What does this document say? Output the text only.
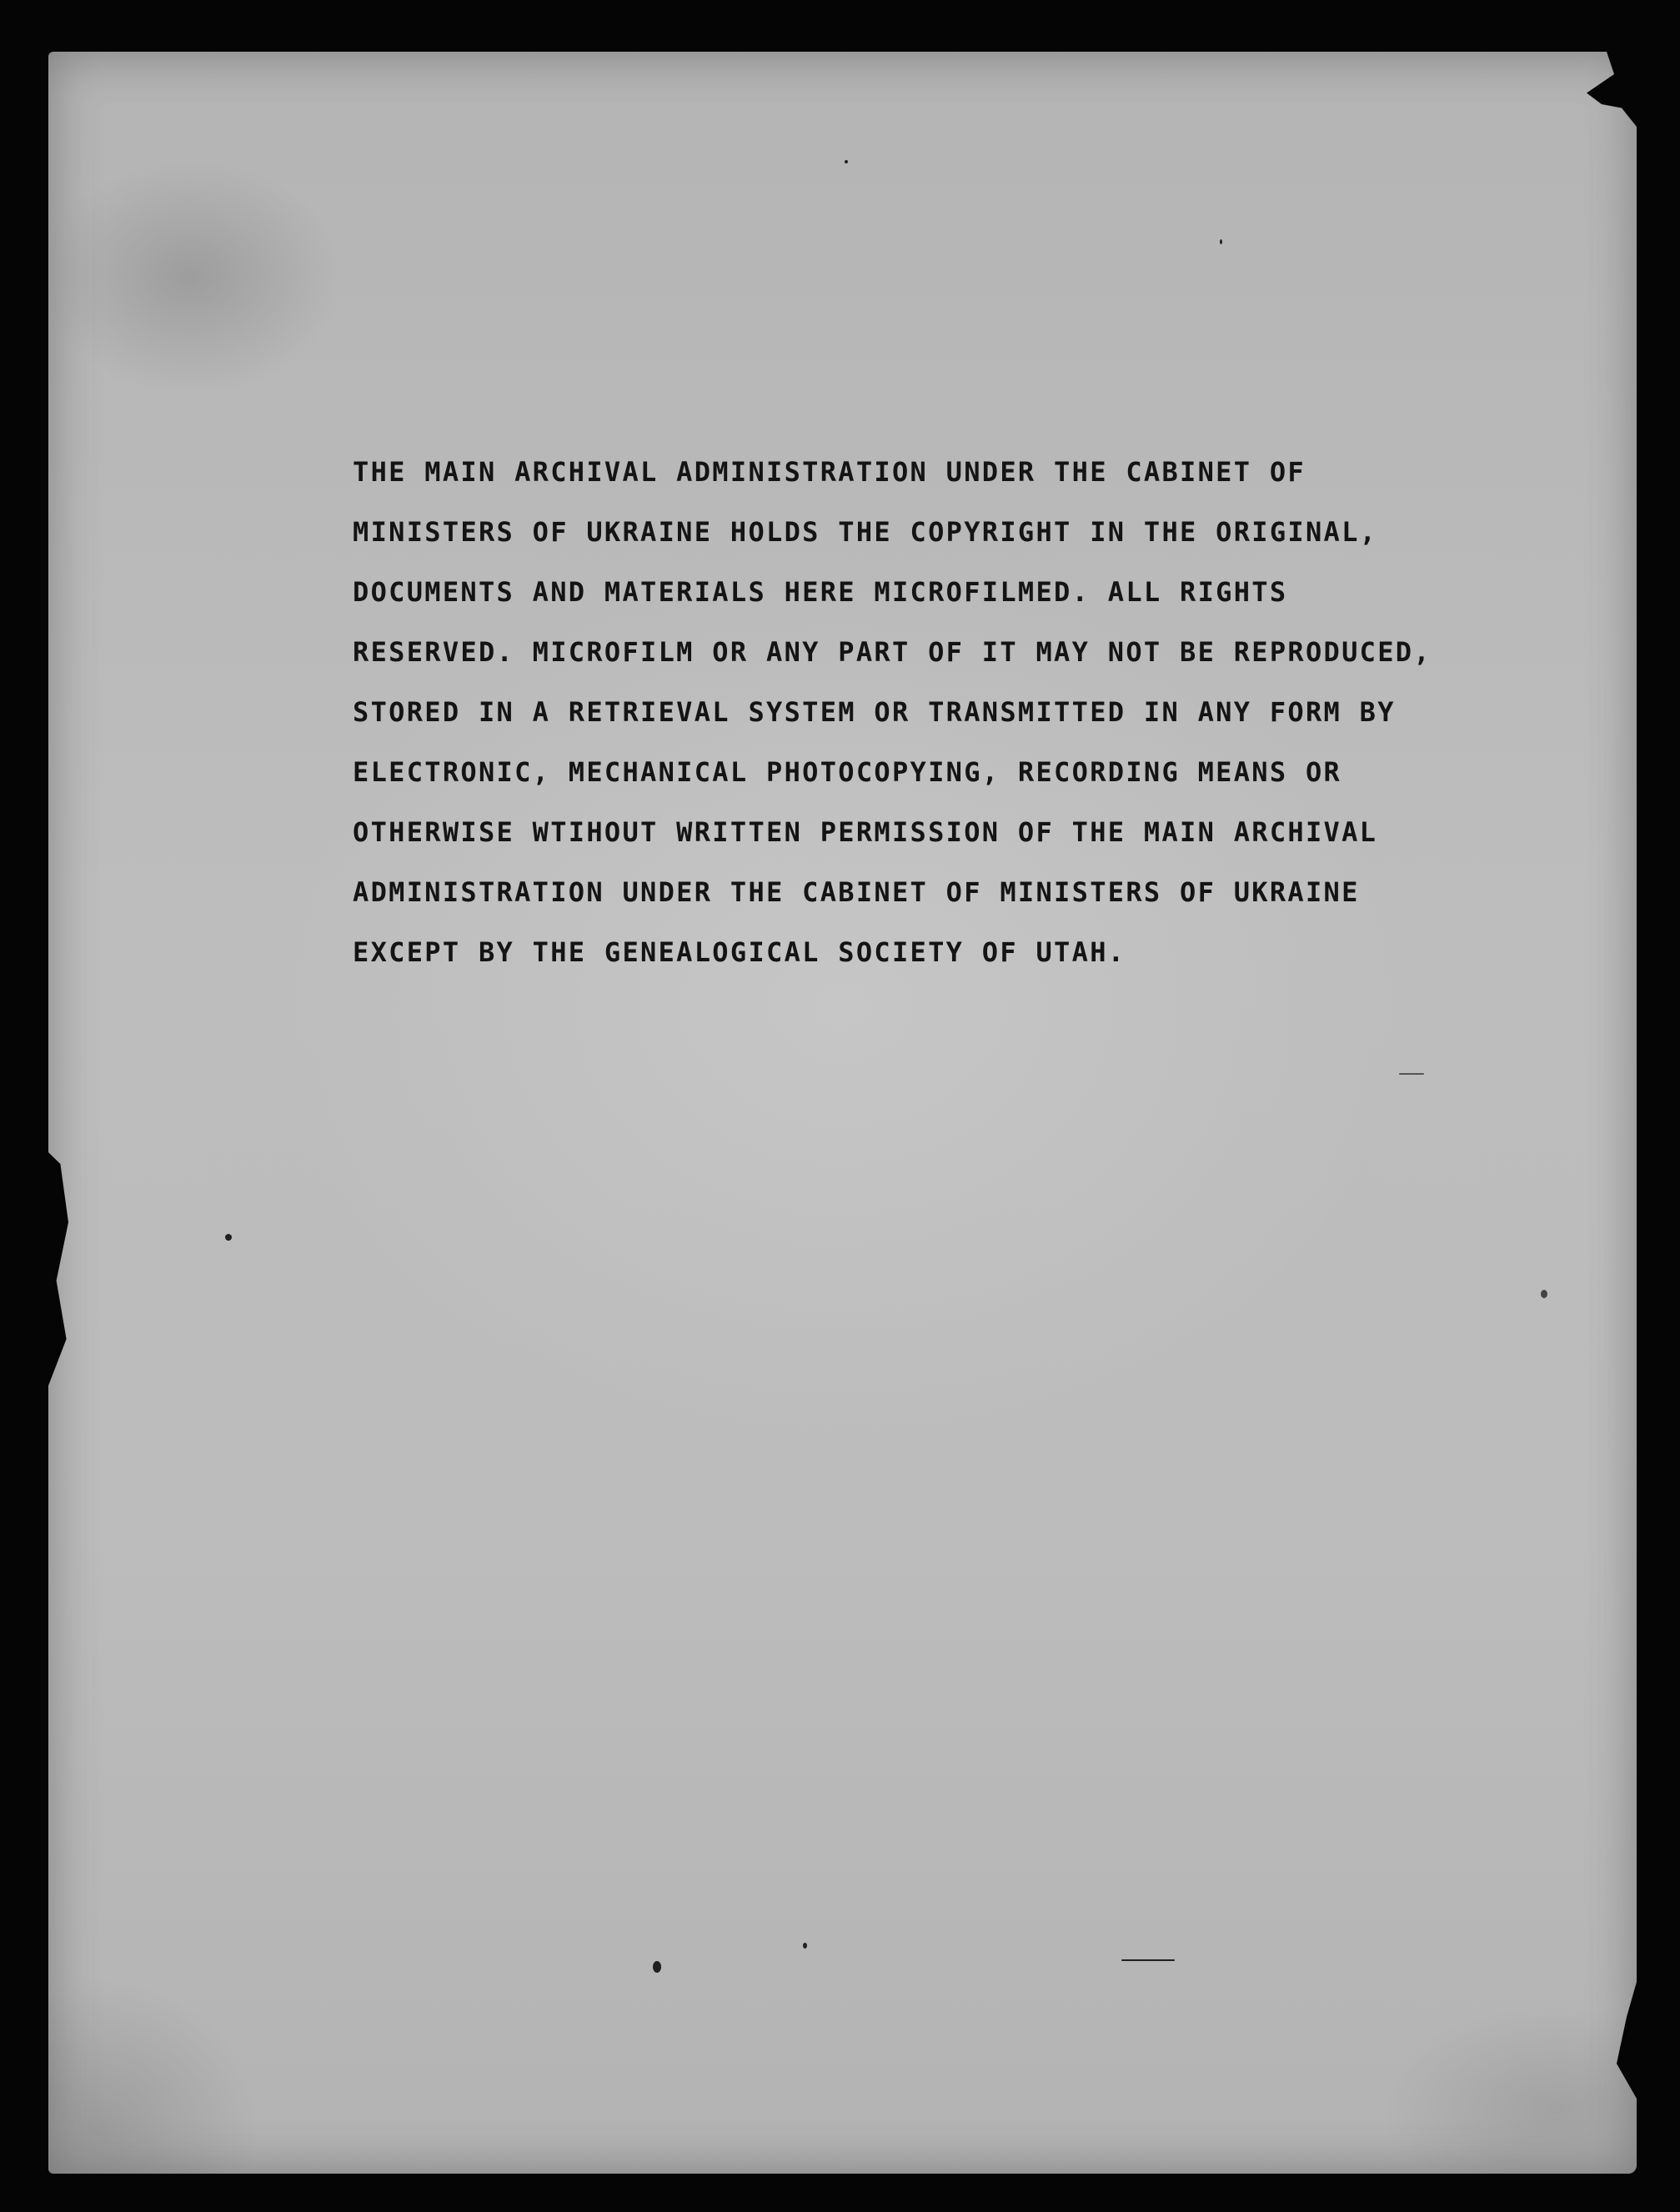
THE MAIN ARCHIVAL ADMINISTRATION UNDER THE CABINET OF
MINISTERS OF UKRAINE HOLDS THE COPYRIGHT IN THE ORIGINAL,
DOCUMENTS AND MATERIALS HERE MICROFILMED. ALL RIGHTS
RESERVED. MICROFILM OR ANY PART OF IT MAY NOT BE REPRODUCED,
STORED IN A RETRIEVAL SYSTEM OR TRANSMITTED IN ANY FORM BY
ELECTRONIC, MECHANICAL PHOTOCOPYING, RECORDING MEANS OR
OTHERWISE WTIHOUT WRITTEN PERMISSION OF THE MAIN ARCHIVAL
ADMINISTRATION UNDER THE CABINET OF MINISTERS OF UKRAINE
EXCEPT BY THE GENEALOGICAL SOCIETY OF UTAH.
